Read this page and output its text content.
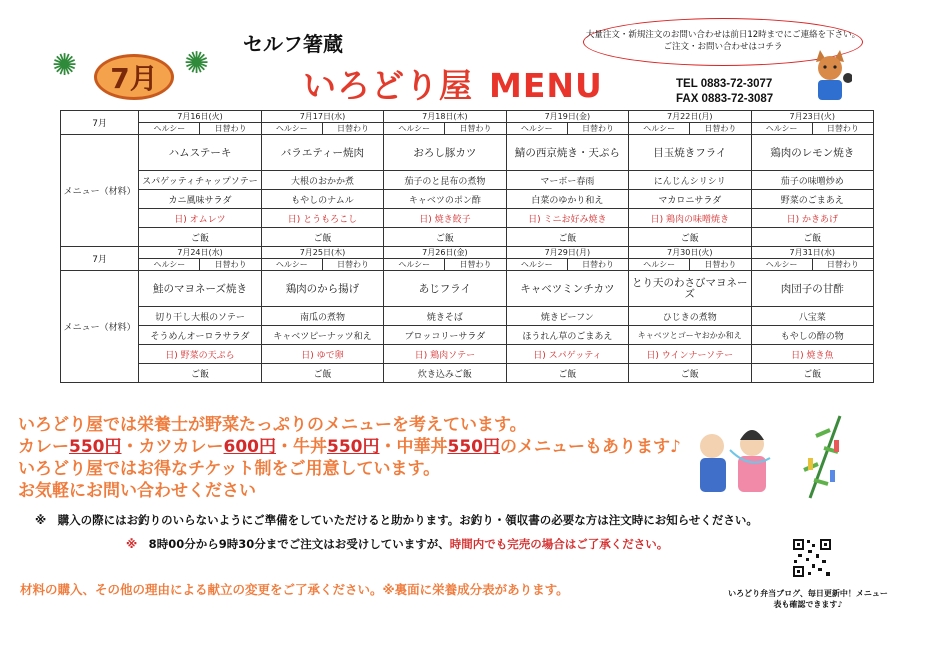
✺	7月 ✺
セルフ箸蔵
いろどり屋 MENU
大量注文・新規注文のお問い合わせは前日12時までにご連絡を下さい。
ご注文・お問い合わせはコチラ
TEL 0883-72-3077
FAX 0883-72-3087
7月	7月16日(火)		7月17日(水)		7月18日(木)		7月19日(金)		7月22日(月)		7月23日(火)	
	ヘルシー	日替わり	ヘルシー	日替わり	ヘルシー	日替わり	ヘルシー	日替わり	ヘルシー	日替わり	ヘルシー	日替わり
メニュー（材料）	ハムステーキ		バラエティー焼肉		おろし豚カツ		鯖の西京焼き・天ぷら		目玉焼きフライ		鶏肉のレモン焼き	
	スパゲッティチャップソテー		大根のおかか煮		茄子のと昆布の煮物		マーボー春雨		にんじんシリシリ		茄子の味噌炒め	
	カニ風味サラダ		もやしのナムル		キャベツのポン酢		白菜のゆかり和え		マカロニサラダ		野菜のごまあえ	
	日) オムレツ		日) とうもろこし		日) 焼き餃子		日) ミニお好み焼き		日) 鶏肉の味噌焼き		日) かきあげ	
	ご飯		ご飯		ご飯		ご飯		ご飯		ご飯	
7月	7月24日(水)		7月25日(木)		7月26日(金)		7月29日(月)		7月30日(火)		7月31日(水)	
	ヘルシー	日替わり	ヘルシー	日替わり	ヘルシー	日替わり	ヘルシー	日替わり	ヘルシー	日替わり	ヘルシー	日替わり
メニュー（材料）	鮭のマヨネーズ焼き		鶏肉のから揚げ		あじフライ		キャベツミンチカツ		とり天のわさびマヨネーズ		肉団子の甘酢	
	切り干し大根のソテー		南瓜の煮物		焼きそば		焼きビーフン		ひじきの煮物		八宝菜	
	そうめんオーロラサラダ		キャベツピーナッツ和え		ブロッコリーサラダ		ほうれん草のごまあえ		キャベツとゴーヤおかか和え		もやしの酢の物	
	日) 野菜の天ぷら		日) ゆで卵		日) 鶏肉ソテー		日) スパゲッティ		日) ウインナーソテー		日) 焼き魚	
	ご飯		ご飯		炊き込みご飯		ご飯		ご飯		ご飯	
いろどり屋では栄養士が野菜たっぷりのメニューを考えています。
カレー550円・カツカレー600円・牛丼550円・中華丼550円のメニューもあります♪
いろどり屋ではお得なチケット制をご用意しています。
お気軽にお問い合わせください
※　購入の際にはお釣りのいらないようにご準備をしていただけると助かります。お釣り・領収書の必要な方は注文時にお知らせください。
※　8時00分から9時30分までご注文はお受けしていますが、時間内でも完売の場合はご了承ください。
材料の購入、その他の理由による献立の変更をご了承ください。※裏面に栄養成分表があります。	いろどり弁当ブログ、毎日更新中！メニュー表も確認できます♪
